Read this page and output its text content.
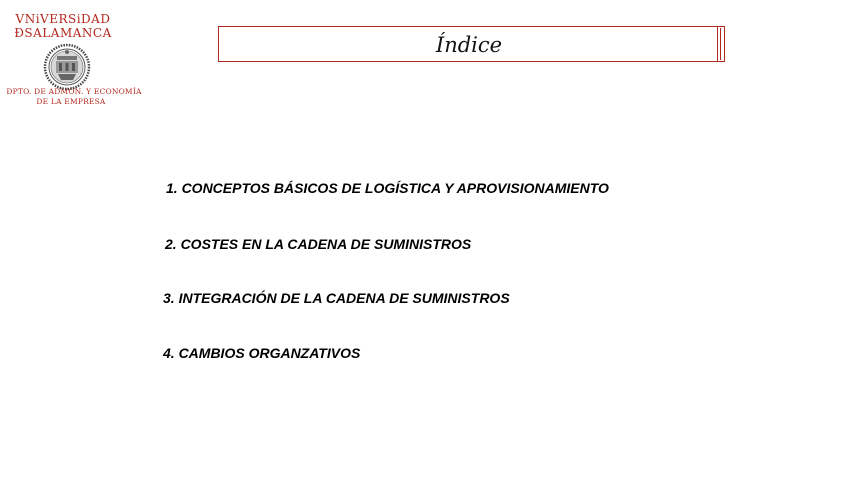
VNiVERSiDAD
ÐSALAMANCA
DPTO. DE ADMÓN. Y ECONOMÍA
DE LA EMPRESA
Índice
1. CONCEPTOS BÁSICOS DE LOGÍSTICA Y APROVISIONAMIENTO
2. COSTES EN LA CADENA DE SUMINISTROS
3. INTEGRACIÓN DE LA CADENA DE SUMINISTROS
4. CAMBIOS ORGANZATIVOS
